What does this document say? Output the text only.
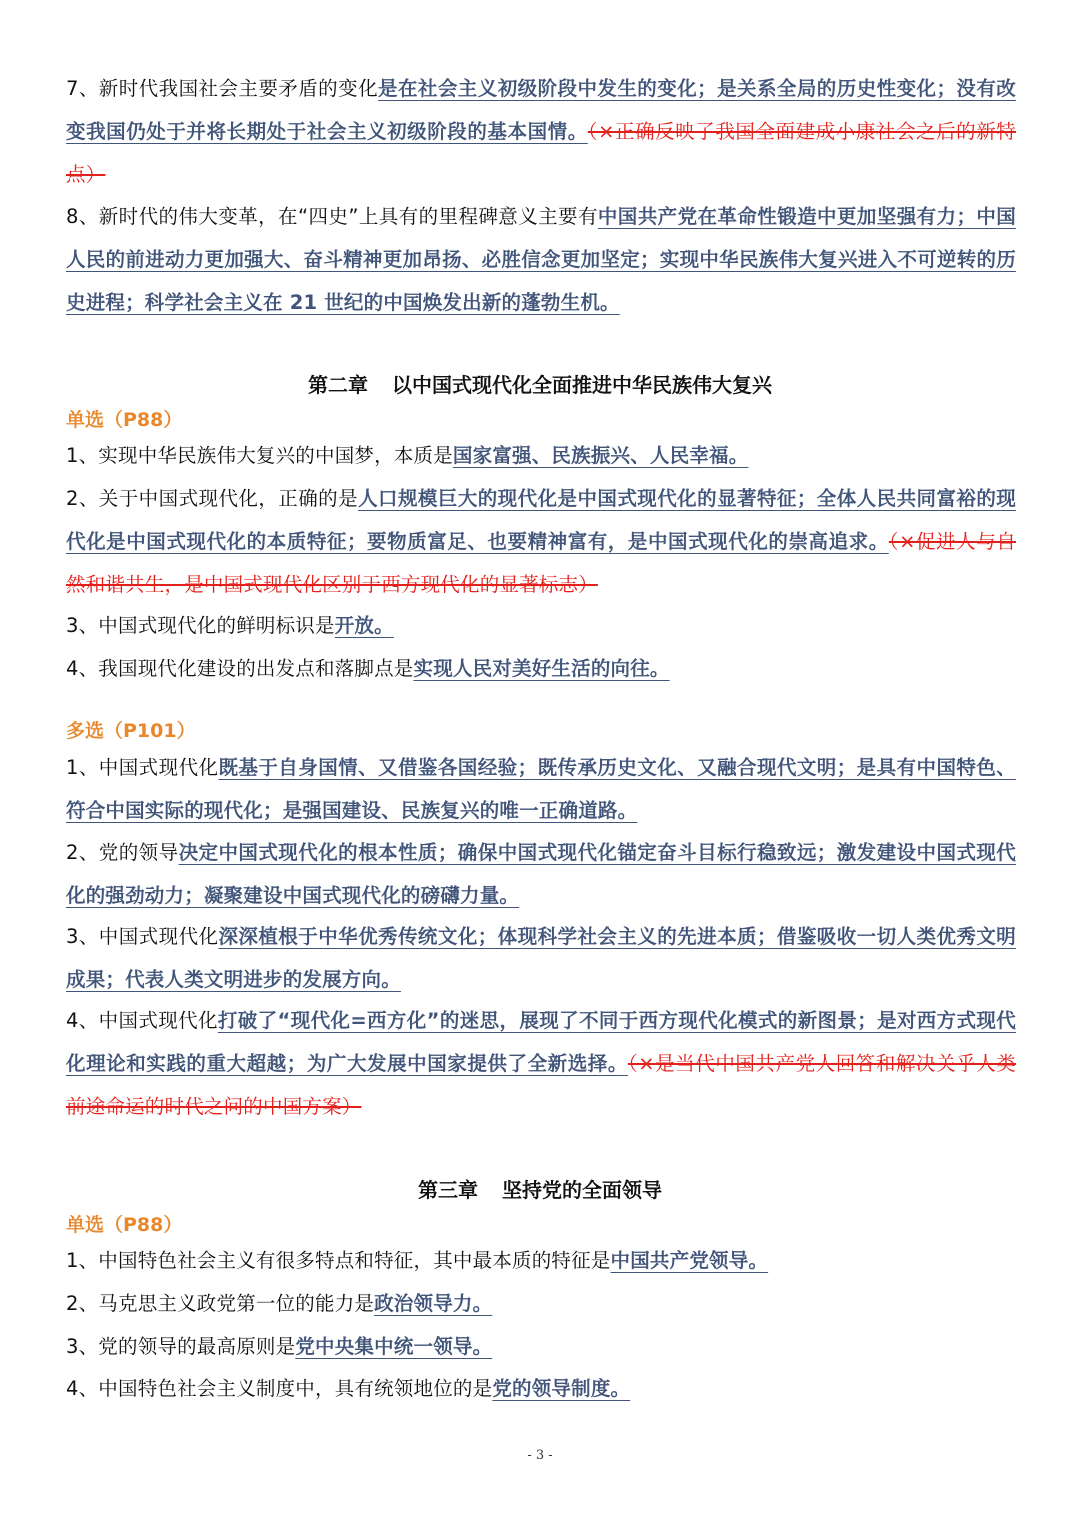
7、新时代我国社会主要矛盾的变化是在社会主义初级阶段中发生的变化；是关系全局的历史性变化；没有改变我国仍处于并将长期处于社会主义初级阶段的基本国情。（×正确反映了我国全面建成小康社会之后的新特点）

8、新时代的伟大变革，在“四史”上具有的里程碑意义主要有中国共产党在革命性锻造中更加坚强有力；中国人民的前进动力更加强大、奋斗精神更加昂扬、必胜信念更加坚定；实现中华民族伟大复兴进入不可逆转的历史进程；科学社会主义在 21 世纪的中国焕发出新的蓬勃生机。

第二章 以中国式现代化全面推进中华民族伟大复兴
单选（P88）

1、实现中华民族伟大复兴的中国梦，本质是国家富强、民族振兴、人民幸福。

2、关于中国式现代化，正确的是人口规模巨大的现代化是中国式现代化的显著特征；全体人民共同富裕的现代化是中国式现代化的本质特征；要物质富足、也要精神富有，是中国式现代化的崇高追求。（×促进人与自然和谐共生，是中国式现代化区别于西方现代化的显著标志）

3、中国式现代化的鲜明标识是开放。

4、我国现代化建设的出发点和落脚点是实现人民对美好生活的向往。

多选（P101）

1、中国式现代化既基于自身国情、又借鉴各国经验；既传承历史文化、又融合现代文明；是具有中国特色、符合中国实际的现代化；是强国建设、民族复兴的唯一正确道路。

2、党的领导决定中国式现代化的根本性质；确保中国式现代化锚定奋斗目标行稳致远；激发建设中国式现代化的强劲动力；凝聚建设中国式现代化的磅礴力量。

3、中国式现代化深深植根于中华优秀传统文化；体现科学社会主义的先进本质；借鉴吸收一切人类优秀文明成果；代表人类文明进步的发展方向。

4、中国式现代化打破了“现代化=西方化”的迷思，展现了不同于西方现代化模式的新图景；是对西方式现代化理论和实践的重大超越；为广大发展中国家提供了全新选择。（×是当代中国共产党人回答和解决关乎人类前途命运的时代之问的中国方案）

第三章 坚持党的全面领导
单选（P88）

1、中国特色社会主义有很多特点和特征，其中最本质的特征是中国共产党领导。

2、马克思主义政党第一位的能力是政治领导力。

3、党的领导的最高原则是党中央集中统一领导。

4、中国特色社会主义制度中，具有统领地位的是党的领导制度。

- 3 -
